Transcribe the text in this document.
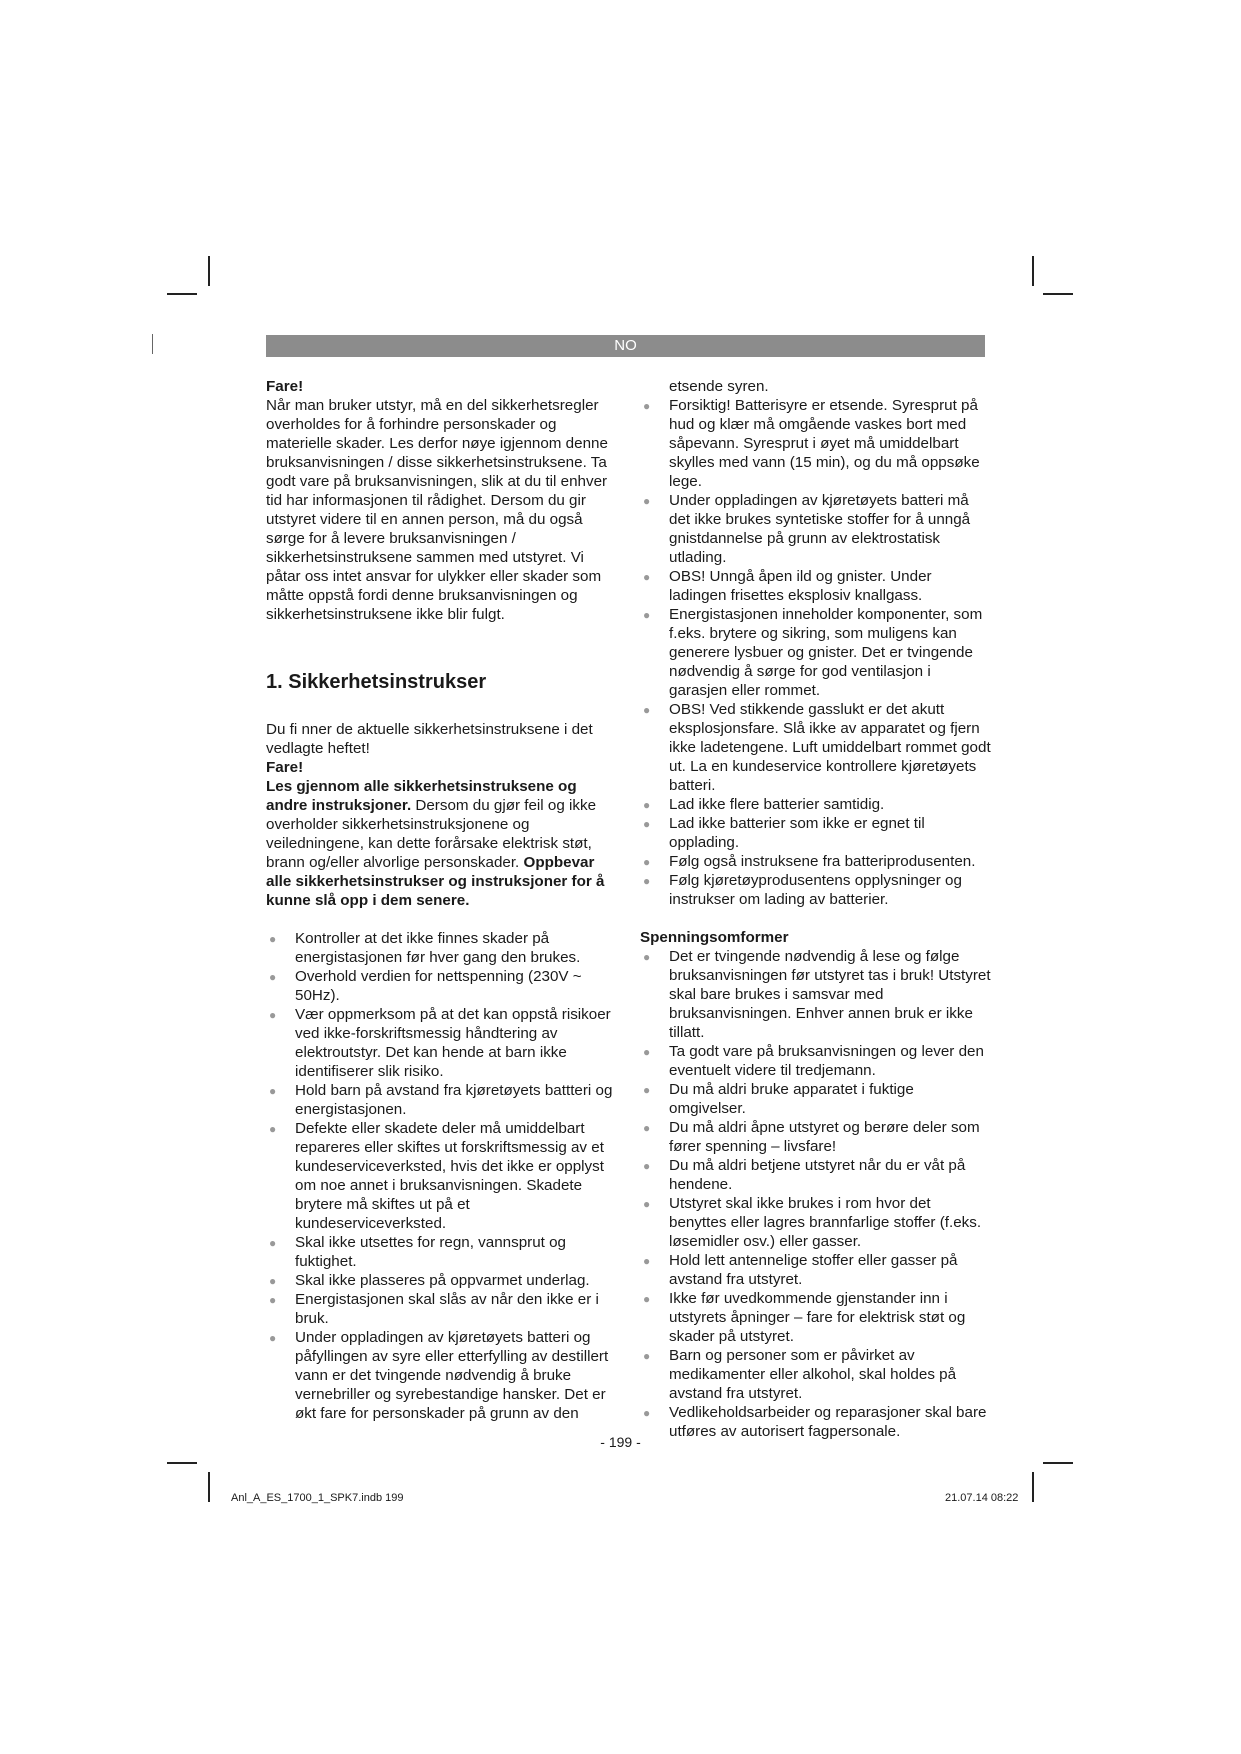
NO

Fare!

Når man bruker utstyr, må en del sikkerhetsregler overholdes for å forhindre personskader og materielle skader. Les derfor nøye igjennom denne bruksanvisningen / disse sikkerhetsinstruksene. Ta godt vare på bruksanvisningen, slik at du til enhver tid har informasjonen til rådighet. Dersom du gir utstyret videre til en annen person, må du også sørge for å levere bruksanvisningen / sikkerhetsinstruksene sammen med utstyret. Vi påtar oss intet ansvar for ulykker eller skader som måtte oppstå fordi denne bruksanvisningen og sikkerhetsinstruksene ikke blir fulgt.

1. Sikkerhetsinstrukser

Du fi nner de aktuelle sikkerhetsinstruksene i det vedlagte heftet!

Fare!

Les gjennom alle sikkerhetsinstruksene og andre instruksjoner. Dersom du gjør feil og ikke overholder sikkerhetsinstruksjonene og veiledningene, kan dette forårsake elektrisk støt, brann og/eller alvorlige personskader. Oppbevar alle sikkerhetsinstrukser og instruksjoner for å kunne slå opp i dem senere.

● Kontroller at det ikke finnes skader på energistasjonen før hver gang den brukes.
● Overhold verdien for nettspenning (230V ~ 50Hz).
● Vær oppmerksom på at det kan oppstå risikoer ved ikke-forskriftsmessig håndtering av elektroutstyr. Det kan hende at barn ikke identifiserer slik risiko.
● Hold barn på avstand fra kjøretøyets battteri og energistasjonen.
● Defekte eller skadete deler må umiddelbart repareres eller skiftes ut forskriftsmessig av et kundeserviceverksted, hvis det ikke er opplyst om noe annet i bruksanvisningen. Skadete brytere må skiftes ut på et kundeserviceverksted.
● Skal ikke utsettes for regn, vannsprut og fuktighet.
● Skal ikke plasseres på oppvarmet underlag.
● Energistasjonen skal slås av når den ikke er i bruk.
● Under oppladingen av kjøretøyets batteri og påfyllingen av syre eller etterfylling av destillert vann er det tvingende nødvendig å bruke vernebriller og syrebestandige hansker. Det er økt fare for personskader på grunn av den

etsende syren.

● Forsiktig! Batterisyre er etsende. Syresprut på hud og klær må omgående vaskes bort med såpevann. Syresprut i øyet må umiddelbart skylles med vann (15 min), og du må oppsøke lege.
● Under oppladingen av kjøretøyets batteri må det ikke brukes syntetiske stoffer for å unngå gnistdannelse på grunn av elektrostatisk utlading.
● OBS! Unngå åpen ild og gnister. Under ladingen frisettes eksplosiv knallgass.
● Energistasjonen inneholder komponenter, som f.eks. brytere og sikring, som muligens kan generere lysbuer og gnister. Det er tvingende nødvendig å sørge for god ventilasjon i garasjen eller rommet.
● OBS! Ved stikkende gasslukt er det akutt eksplosjonsfare. Slå ikke av apparatet og fjern ikke ladetengene. Luft umiddelbart rommet godt ut. La en kundeservice kontrollere kjøretøyets batteri.
● Lad ikke flere batterier samtidig.
● Lad ikke batterier som ikke er egnet til opplading.
● Følg også instruksene fra batteriprodusenten.
● Følg kjøretøyprodusentens opplysninger og instrukser om lading av batterier.

Spenningsomformer

● Det er tvingende nødvendig å lese og følge bruksanvisningen før utstyret tas i bruk! Utstyret skal bare brukes i samsvar med bruksanvisningen. Enhver annen bruk er ikke tillatt.
● Ta godt vare på bruksanvisningen og lever den eventuelt videre til tredjemann.
● Du må aldri bruke apparatet i fuktige omgivelser.
● Du må aldri åpne utstyret og berøre deler som fører spenning – livsfare!
● Du må aldri betjene utstyret når du er våt på hendene.
● Utstyret skal ikke brukes i rom hvor det benyttes eller lagres brannfarlige stoffer (f.eks. løsemidler osv.) eller gasser.
● Hold lett antennelige stoffer eller gasser på avstand fra utstyret.
● Ikke før uvedkommende gjenstander inn i utstyrets åpninger – fare for elektrisk støt og skader på utstyret.
● Barn og personer som er påvirket av medikamenter eller alkohol, skal holdes på avstand fra utstyret.
● Vedlikeholdsarbeider og reparasjoner skal bare utføres av autorisert fagpersonale.
- 199 -
Anl_A_ES_1700_1_SPK7.indb 199	21.07.14 08:22
